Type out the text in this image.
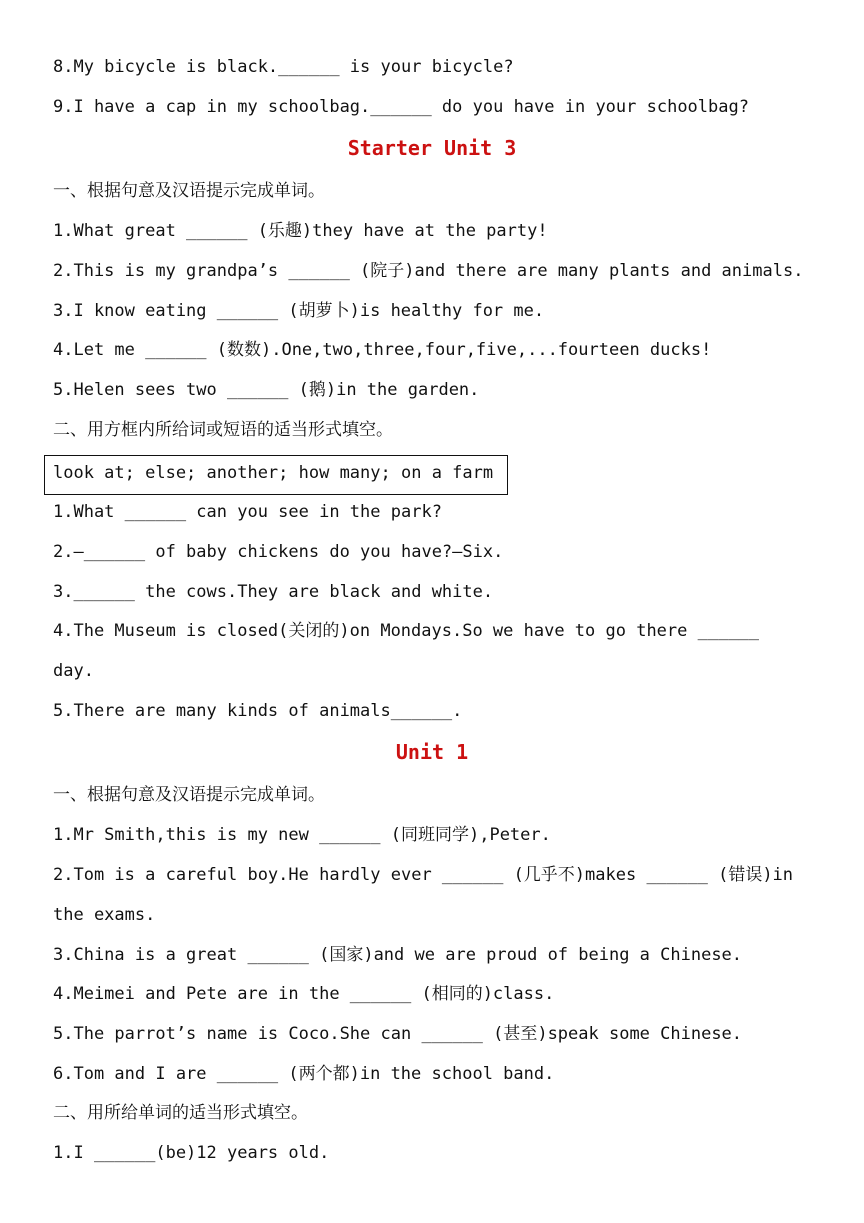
8.My bicycle is black.______ is your bicycle?
9.I have a cap in my schoolbag.______ do you have in your schoolbag?
Starter Unit 3
一、根据句意及汉语提示完成单词。
1.What great ______ (乐趣)they have at the party!
2.This is my grandpa’s ______ (院子)and there are many plants and animals.
3.I know eating ______ (胡萝卜)is healthy for me.
4.Let me ______ (数数).One,two,three,four,five,...fourteen ducks!
5.Helen sees two ______ (鹅)in the garden.
二、用方框内所给词或短语的适当形式填空。
look at; else; another; how many; on a farm
1.What ______ can you see in the park?
2.—______ of baby chickens do you have?—Six.
3.______ the cows.They are black and white.
4.The Museum is closed(关闭的)on Mondays.So we have to go there ______
day.
5.There are many kinds of animals______.
Unit 1
一、根据句意及汉语提示完成单词。
1.Mr Smith,this is my new ______ (同班同学),Peter.
2.Tom is a careful boy.He hardly ever ______ (几乎不)makes ______ (错误)in
the exams.
3.China is a great ______ (国家)and we are proud of being a Chinese.
4.Meimei and Pete are in the ______ (相同的)class.
5.The parrot’s name is Coco.She can ______ (甚至)speak some Chinese.
6.Tom and I are ______ (两个都)in the school band.
二、用所给单词的适当形式填空。
1.I ______(be)12 years old.
